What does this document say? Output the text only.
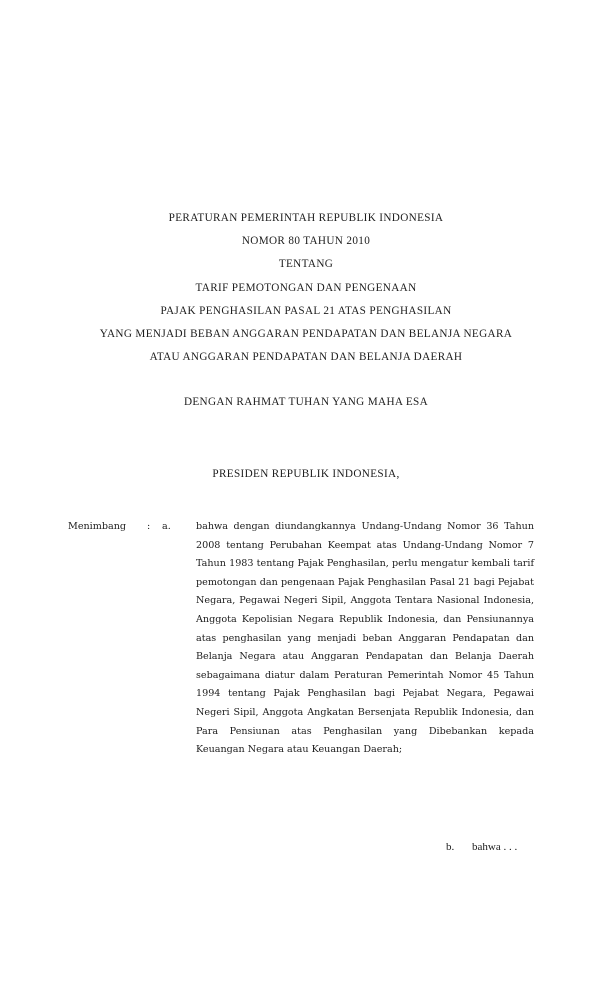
PERATURAN PEMERINTAH REPUBLIK INDONESIA
NOMOR 80 TAHUN 2010
TENTANG
TARIF PEMOTONGAN DAN PENGENAAN
PAJAK PENGHASILAN PASAL 21 ATAS PENGHASILAN
YANG MENJADI BEBAN ANGGARAN PENDAPATAN DAN BELANJA NEGARA
ATAU ANGGARAN PENDAPATAN DAN BELANJA DAERAH
DENGAN RAHMAT TUHAN YANG MAHA ESA
PRESIDEN REPUBLIK INDONESIA,
Menimbang : a.	bahwa dengan diundangkannya Undang-Undang Nomor 36 Tahun 2008 tentang Perubahan Keempat atas Undang-Undang Nomor 7 Tahun 1983 tentang Pajak Penghasilan, perlu mengatur kembali tarif pemotongan dan pengenaan Pajak Penghasilan Pasal 21 bagi Pejabat Negara, Pegawai Negeri Sipil, Anggota Tentara Nasional Indonesia, Anggota Kepolisian Negara Republik Indonesia, dan Pensiunannya atas penghasilan yang menjadi beban Anggaran Pendapatan dan Belanja Negara atau Anggaran Pendapatan dan Belanja Daerah sebagaimana diatur dalam Peraturan Pemerintah Nomor 45 Tahun 1994 tentang Pajak Penghasilan bagi Pejabat Negara, Pegawai Negeri Sipil, Anggota Angkatan Bersenjata Republik Indonesia, dan Para Pensiunan atas Penghasilan yang Dibebankan kepada Keuangan Negara atau Keuangan Daerah;
b. bahwa . . .
